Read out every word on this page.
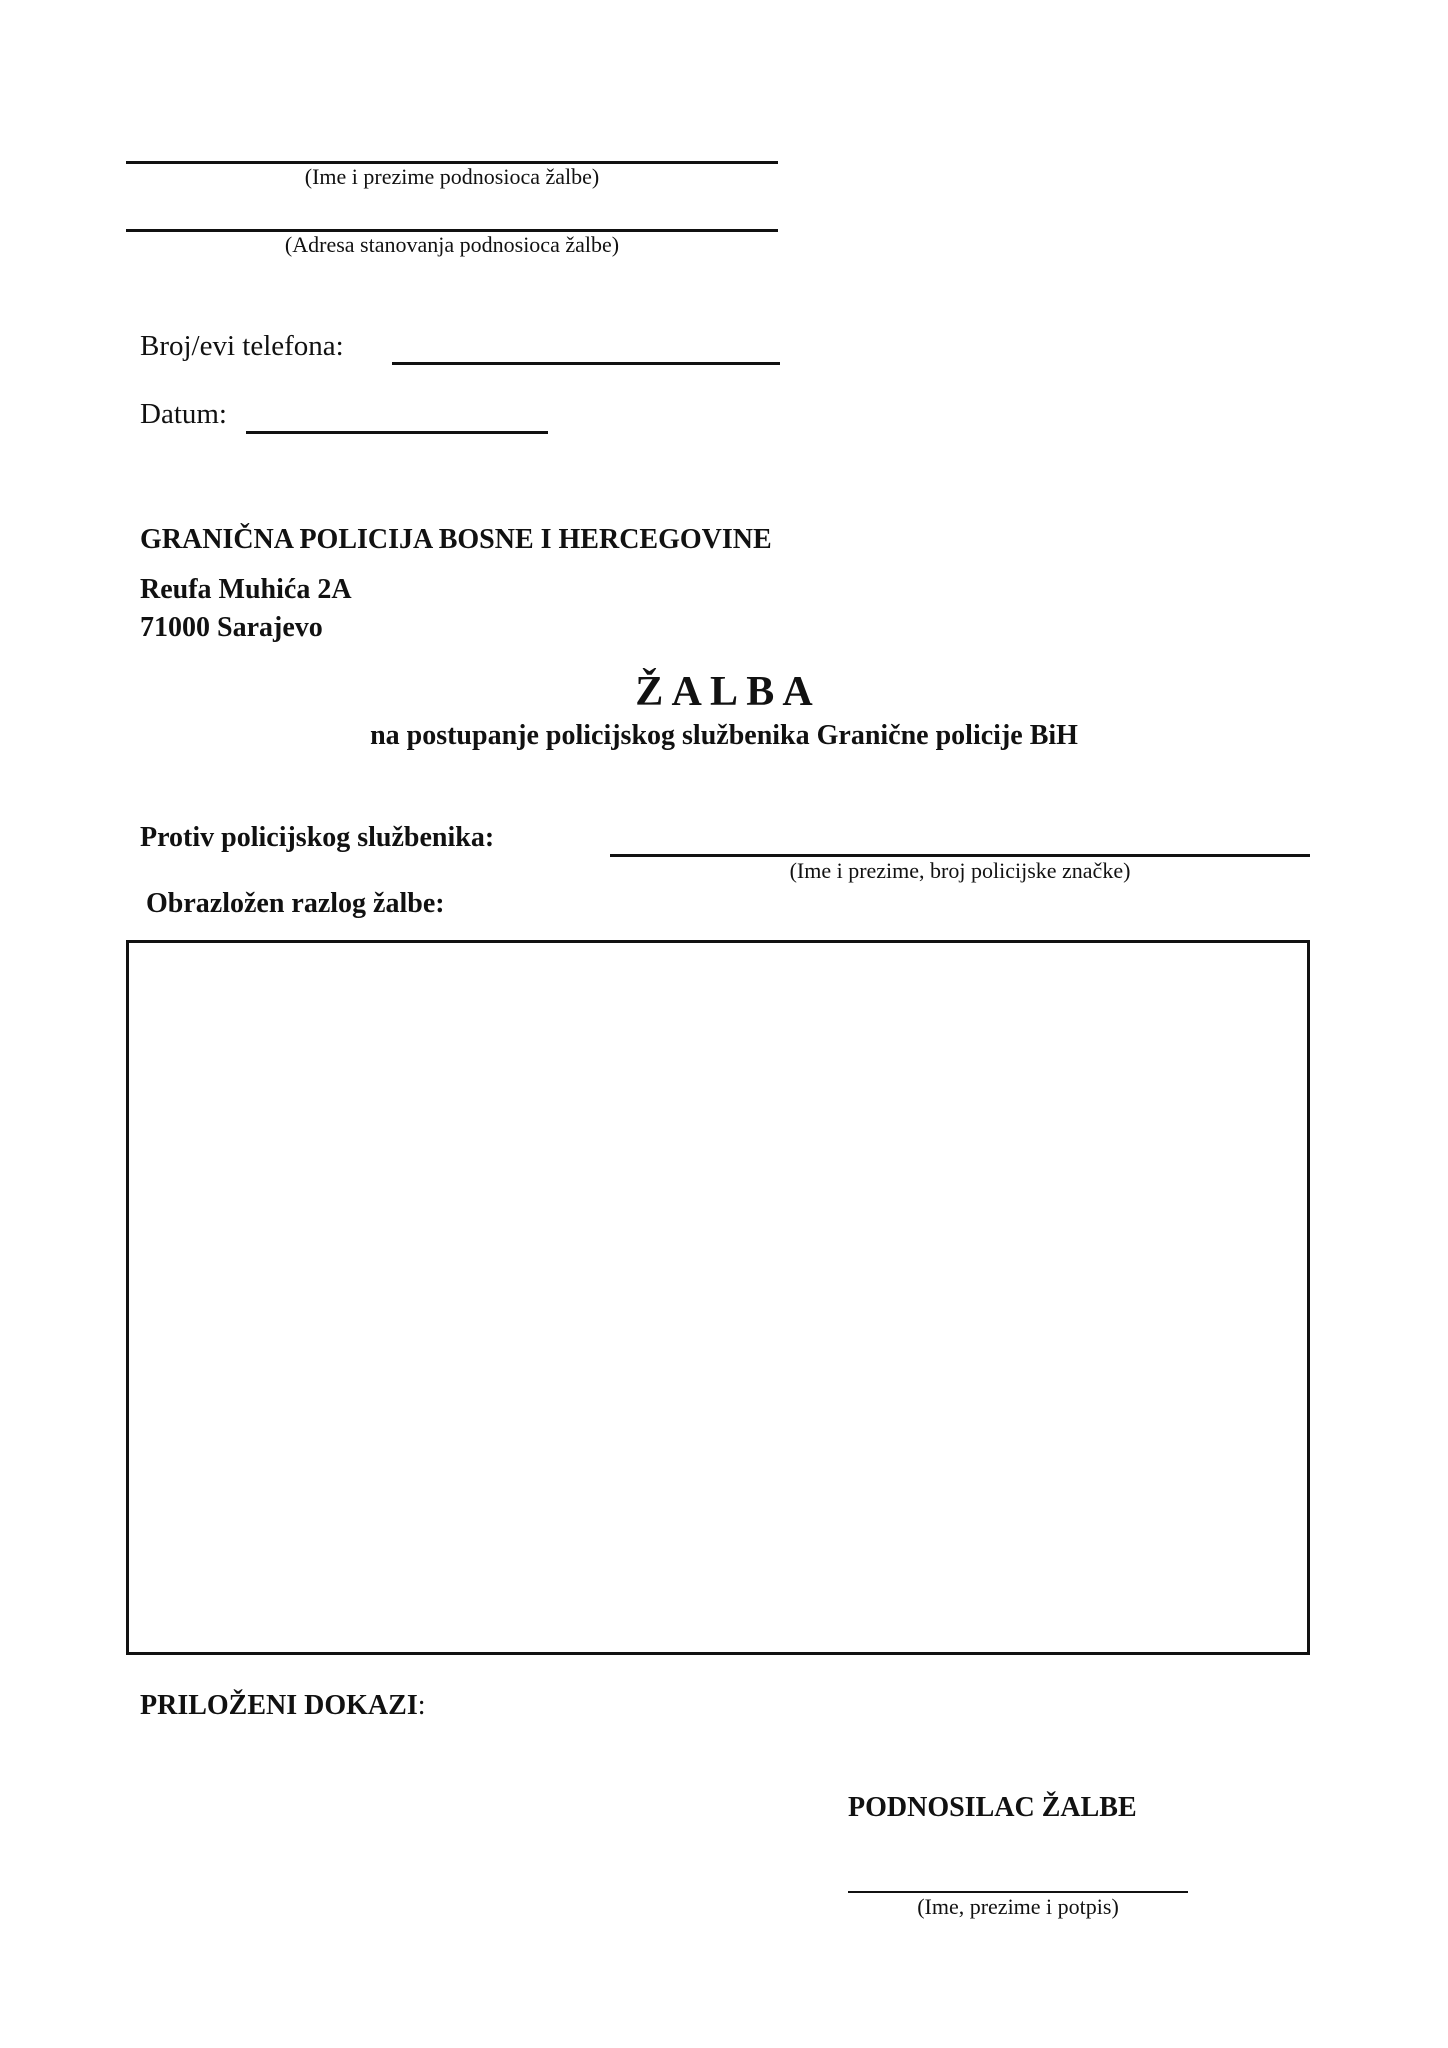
(Ime i prezime podnosioca žalbe)
(Adresa stanovanja podnosioca žalbe)
Broj/evi telefona:
Datum:
GRANIČNA POLICIJA BOSNE I HERCEGOVINE
Reufa Muhića 2A
71000 Sarajevo
Ž A L B A
na postupanje policijskog službenika Granične policije BiH
Protiv policijskog službenika:
(Ime i prezime, broj policijske značke)
Obrazložen razlog žalbe:
PRILOŽENI DOKAZI:
PODNOSILAC ŽALBE
(Ime, prezime i potpis)
